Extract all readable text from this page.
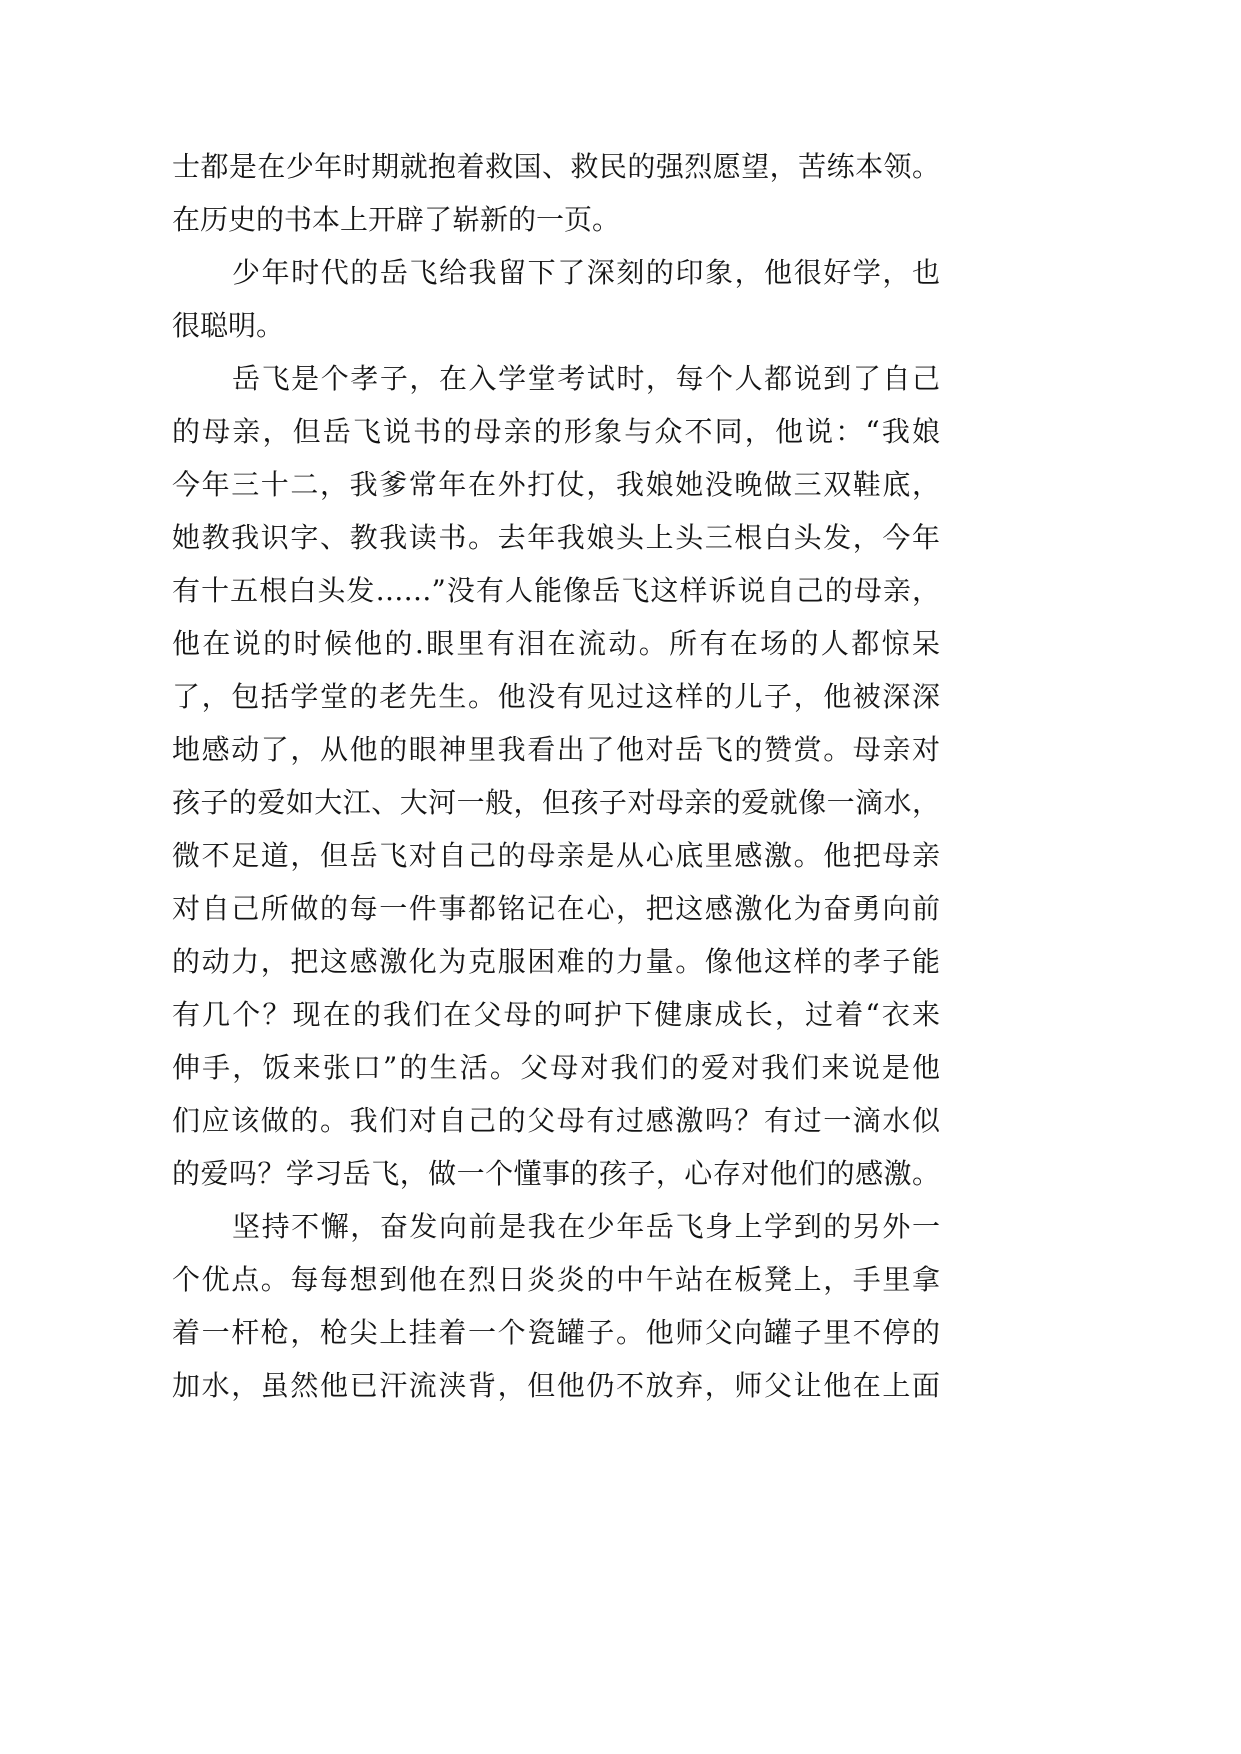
士都是在少年时期就抱着救国、救民的强烈愿望，苦练本领。
在历史的书本上开辟了崭新的一页。
少年时代的岳飞给我留下了深刻的印象，他很好学，也
很聪明。
岳飞是个孝子，在入学堂考试时，每个人都说到了自己
的母亲，但岳飞说书的母亲的形象与众不同，他说：“我娘
今年三十二，我爹常年在外打仗，我娘她没晚做三双鞋底，
她教我识字、教我读书。去年我娘头上头三根白头发，今年
有十五根白头发……”没有人能像岳飞这样诉说自己的母亲，
他在说的时候他的.眼里有泪在流动。所有在场的人都惊呆
了，包括学堂的老先生。他没有见过这样的儿子，他被深深
地感动了，从他的眼神里我看出了他对岳飞的赞赏。母亲对
孩子的爱如大江、大河一般，但孩子对母亲的爱就像一滴水，
微不足道，但岳飞对自己的母亲是从心底里感激。他把母亲
对自己所做的每一件事都铭记在心，把这感激化为奋勇向前
的动力，把这感激化为克服困难的力量。像他这样的孝子能
有几个？现在的我们在父母的呵护下健康成长，过着“衣来
伸手，饭来张口”的生活。父母对我们的爱对我们来说是他
们应该做的。我们对自己的父母有过感激吗？有过一滴水似
的爱吗？学习岳飞，做一个懂事的孩子，心存对他们的感激。
坚持不懈，奋发向前是我在少年岳飞身上学到的另外一
个优点。每每想到他在烈日炎炎的中午站在板凳上，手里拿
着一杆枪，枪尖上挂着一个瓷罐子。他师父向罐子里不停的
加水，虽然他已汗流浃背，但他仍不放弃，师父让他在上面
